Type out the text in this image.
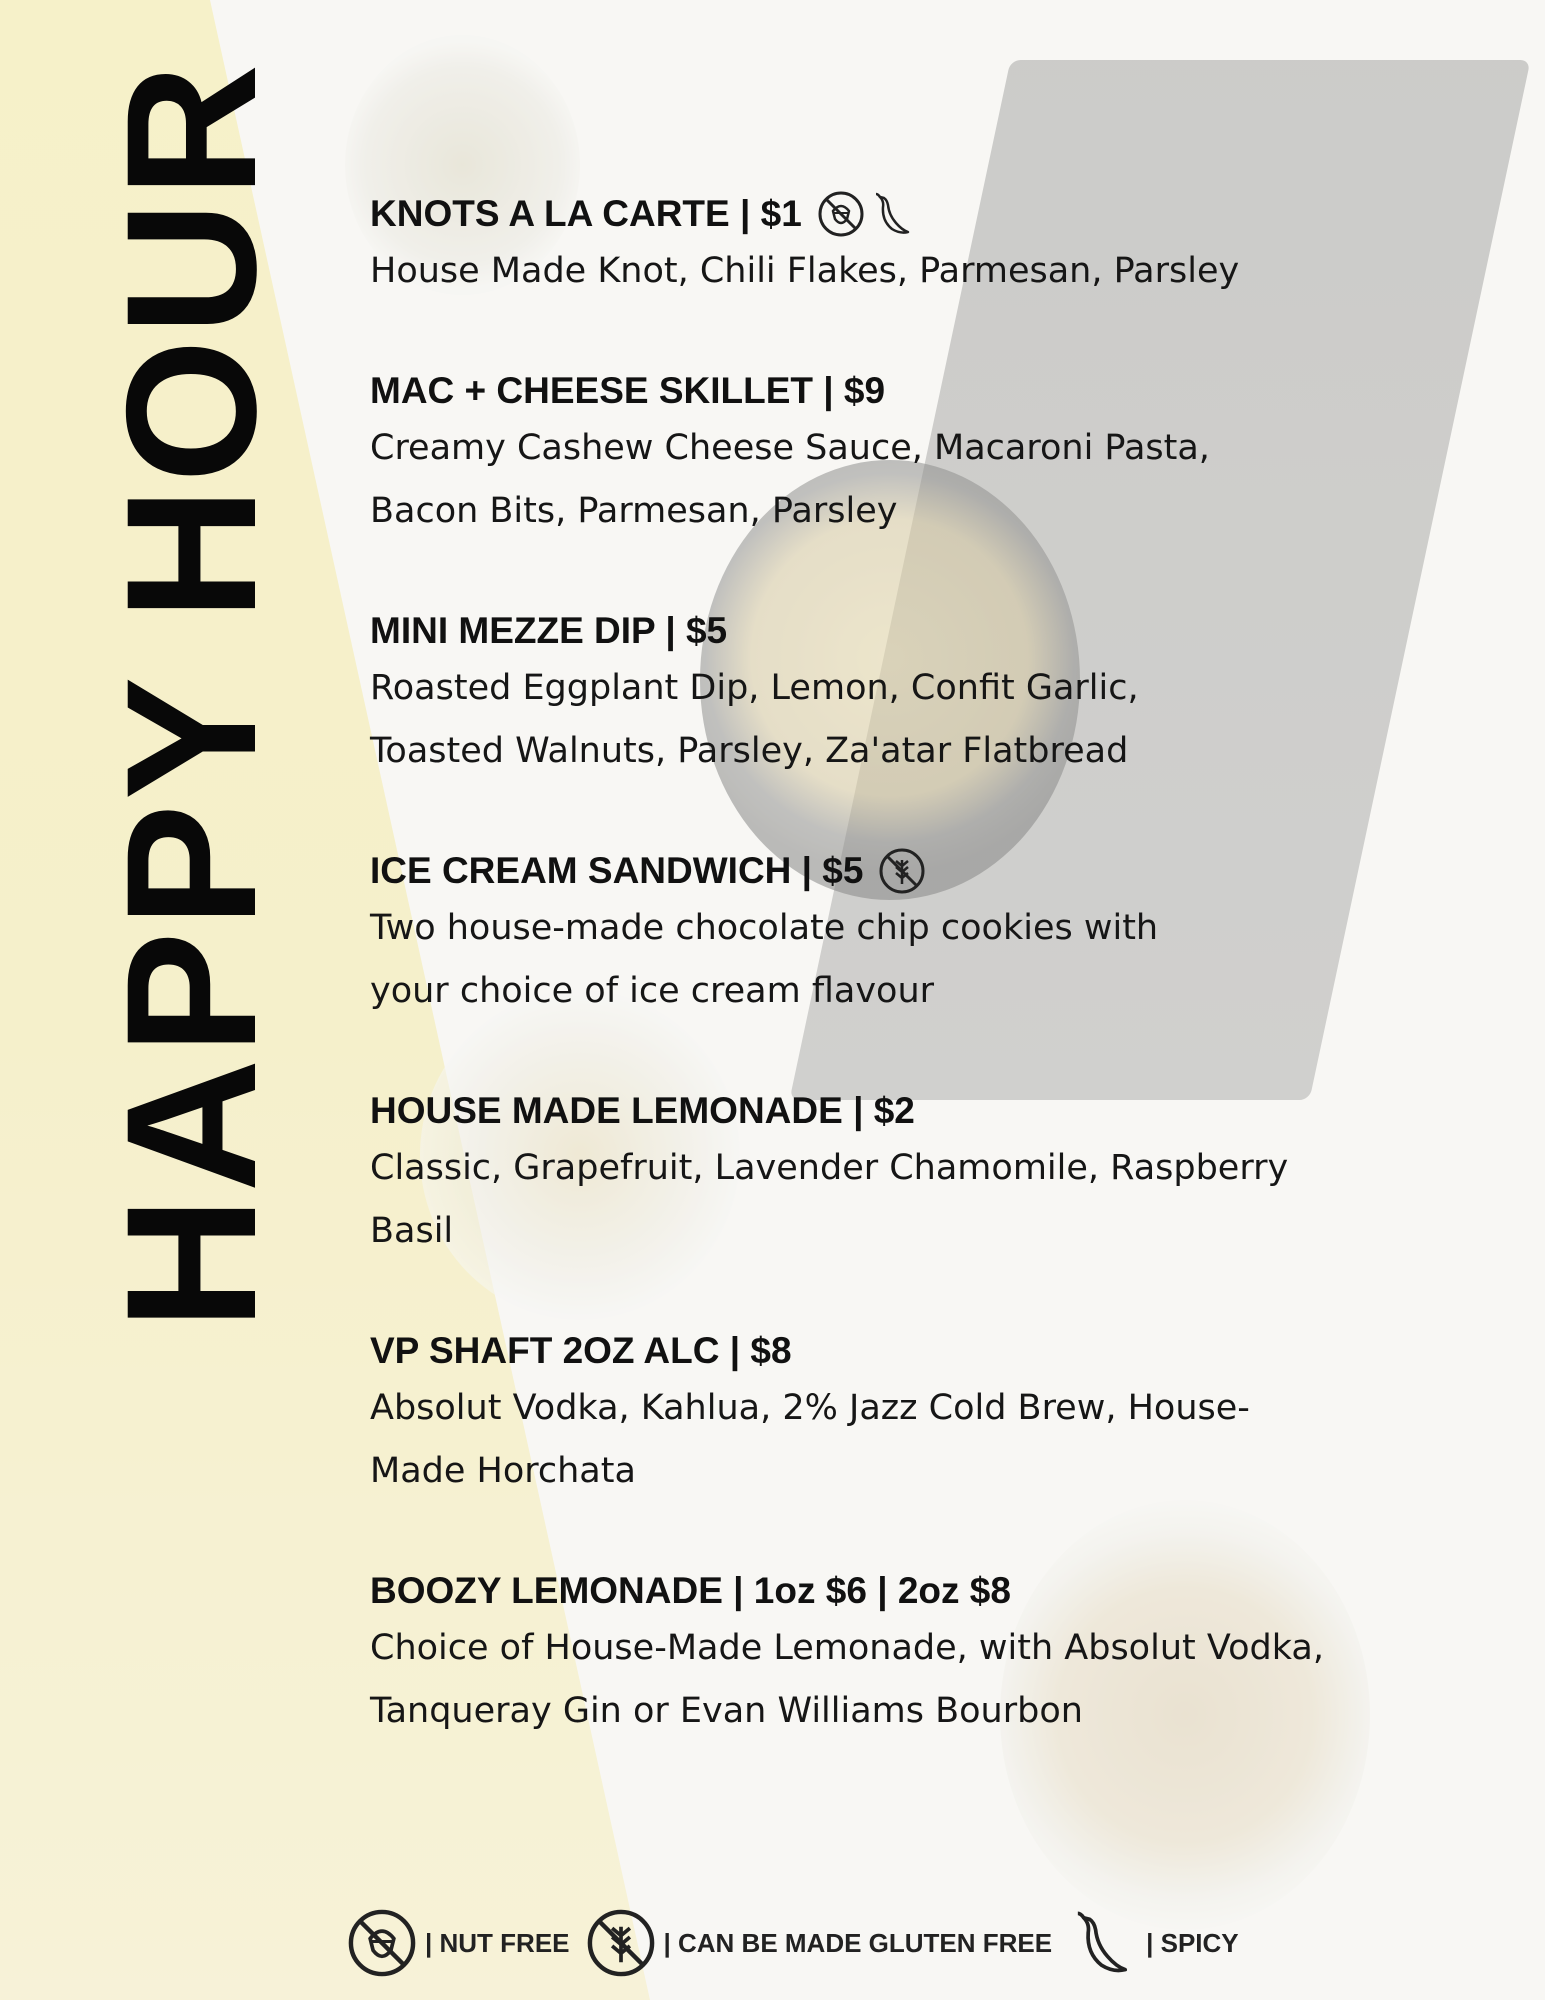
HAPPY HOUR KNOTS A LA CARTE | $1

House Made Knot, Chili Flakes, Parmesan, Parsley

MAC + CHEESE SKILLET | $9

Creamy Cashew Cheese Sauce, Macaroni Pasta,

Bacon Bits, Parmesan, Parsley

MINI MEZZE DIP | $5

Roasted Eggplant Dip, Lemon, Confit Garlic,

Toasted Walnuts, Parsley, Za'atar Flatbread

ICE CREAM SANDWICH | $5

Two house-made chocolate chip cookies with

your choice of ice cream flavour

HOUSE MADE LEMONADE | $2

Classic, Grapefruit, Lavender Chamomile, Raspberry

Basil

VP SHAFT 2OZ ALC | $8

Absolut Vodka, Kahlua, 2% Jazz Cold Brew, House-

Made Horchata

BOOZY LEMONADE | 1oz $6 | 2oz $8

Choice of House-Made Lemonade, with Absolut Vodka,

Tanqueray Gin or Evan Williams Bourbon

| NUT FREE	| CAN BE MADE GLUTEN FREE	| SPICY
